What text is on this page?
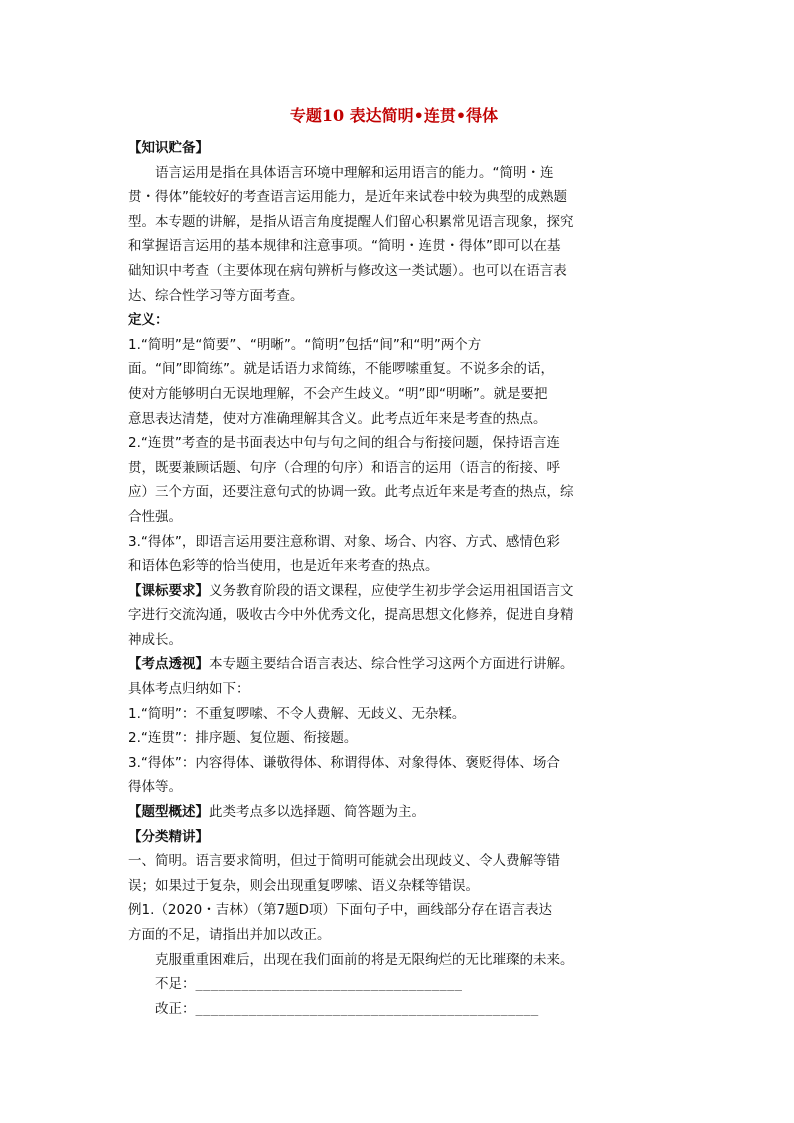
专题10 表达简明•连贯•得体

【知识贮备】

语言运用是指在具体语言环境中理解和运用语言的能力。“简明・连

贯・得体”能较好的考查语言运用能力，是近年来试卷中较为典型的成熟题

型。本专题的讲解，是指从语言角度提醒人们留心积累常见语言现象，探究

和掌握语言运用的基本规律和注意事项。“简明・连贯・得体”即可以在基

础知识中考查（主要体现在病句辨析与修改这一类试题）。也可以在语言表

达、综合性学习等方面考查。

定义：

1.“简明”是“简要”、“明晰”。“简明”包括“间”和“明”两个方

面。“间”即简练”。就是话语力求简练，不能啰嗦重复。不说多余的话，

使对方能够明白无误地理解，不会产生歧义。“明”即“明晰”。就是要把

意思表达清楚，使对方准确理解其含义。此考点近年来是考查的热点。

2.“连贯”考查的是书面表达中句与句之间的组合与衔接问题，保持语言连

贯，既要兼顾话题、句序（合理的句序）和语言的运用（语言的衔接、呼

应）三个方面，还要注意句式的协调一致。此考点近年来是考查的热点，综

合性强。

3.“得体”，即语言运用要注意称谓、对象、场合、内容、方式、感情色彩

和语体色彩等的恰当使用，也是近年来考查的热点。

【课标要求】义务教育阶段的语文课程，应使学生初步学会运用祖国语言文

字进行交流沟通，吸收古今中外优秀文化，提高思想文化修养，促进自身精

神成长。

【考点透视】本专题主要结合语言表达、综合性学习这两个方面进行讲解。

具体考点归纳如下：

1.“简明”：不重复啰嗦、不令人费解、无歧义、无杂糅。

2.“连贯”：排序题、复位题、衔接题。

3.“得体”：内容得体、谦敬得体、称谓得体、对象得体、褒贬得体、场合

得体等。

【题型概述】此类考点多以选择题、简答题为主。

【分类精讲】

一、简明。语言要求简明，但过于简明可能就会出现歧义、令人费解等错

误；如果过于复杂，则会出现重复啰嗦、语义杂糅等错误。

例1.（2020・吉林）（第7题D项）下面句子中，画线部分存在语言表达

方面的不足，请指出并加以改正。

克服重重困难后，出现在我们面前的将是无限绚烂的无比璀璨的未来。

不足：___________________________________

改正：_____________________________________________
